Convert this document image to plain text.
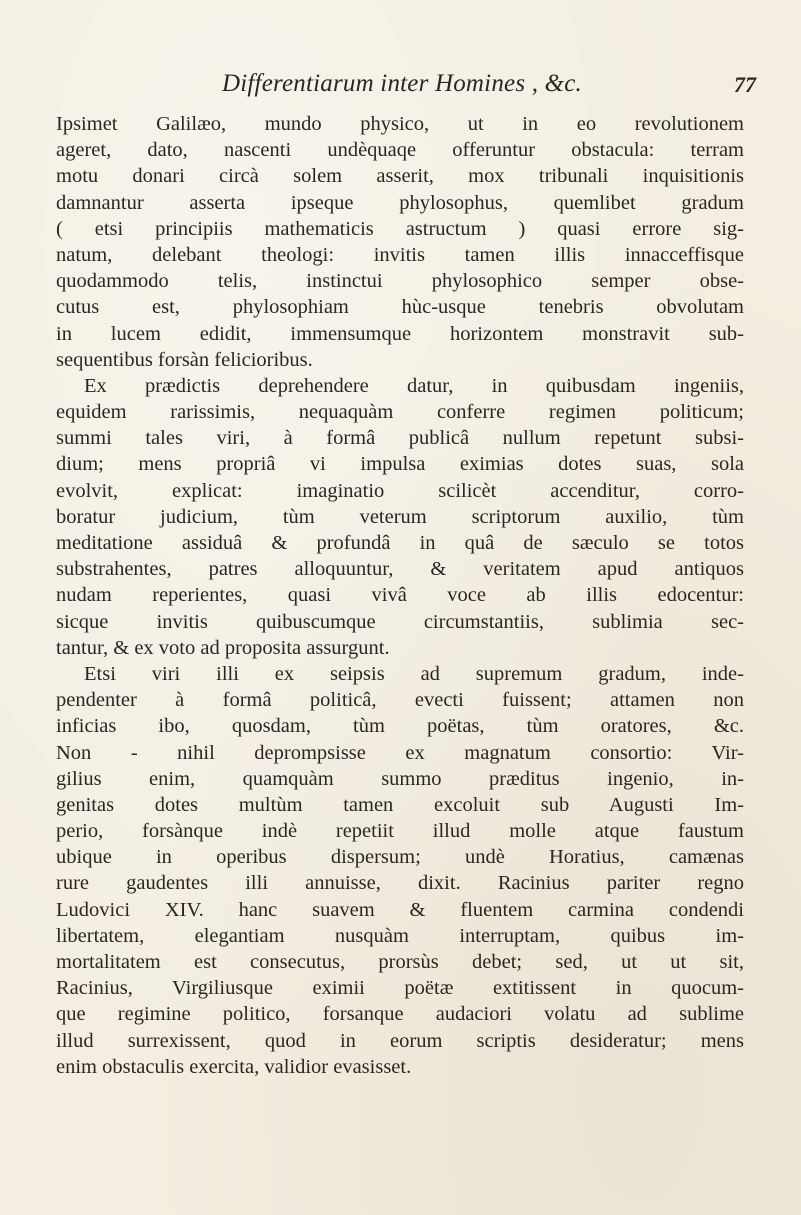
Differentiarum inter Homines , &c.	77
Ipsimet Galilæo, mundo physico, ut in eo revolutionem
ageret, dato, nascenti undèquaqe offeruntur obstacula: terram
motu donari circà solem asserit, mox tribunali inquisitionis
damnantur asserta ipseque phylosophus, quemlibet gradum
( etsi principiis mathematicis astructum ) quasi errore sig-
natum, delebant theologi: invitis tamen illis innacceffisque
quodammodo telis, instinctui phylosophico semper obse-
cutus est, phylosophiam hùc-usque tenebris obvolutam
in lucem edidit, immensumque horizontem monstravit sub-
sequentibus forsàn felicioribus.
Ex prædictis deprehendere datur, in quibusdam ingeniis,
equidem rarissimis, nequaquàm conferre regimen politicum;
summi tales viri, à formâ publicâ nullum repetunt subsi-
dium; mens propriâ vi impulsa eximias dotes suas, sola
evolvit, explicat: imaginatio scilicèt accenditur, corro-
boratur judicium, tùm veterum scriptorum auxilio, tùm
meditatione assiduâ & profundâ in quâ de sæculo se totos
substrahentes, patres alloquuntur, & veritatem apud antiquos
nudam reperientes, quasi vivâ voce ab illis edocentur:
sicque invitis quibuscumque circumstantiis, sublimia sec-
tantur, & ex voto ad proposita assurgunt.
Etsi viri illi ex seipsis ad supremum gradum, inde-
pendenter à formâ politicâ, evecti fuissent; attamen non
inficias ibo, quosdam, tùm poëtas, tùm oratores, &c.
Non - nihil deprompsisse ex magnatum consortio: Vir-
gilius enim, quamquàm summo præditus ingenio, in-
genitas dotes multùm tamen excoluit sub Augusti Im-
perio, forsànque indè repetiit illud molle atque faustum
ubique in operibus dispersum; undè Horatius, camænas
rure gaudentes illi annuisse, dixit. Racinius pariter regno
Ludovici XIV. hanc suavem & fluentem carmina condendi
libertatem, elegantiam nusquàm interruptam, quibus im-
mortalitatem est consecutus, prorsùs debet; sed, ut ut sit,
Racinius, Virgiliusque eximii poëtæ extitissent in quocum-
que regimine politico, forsanque audaciori volatu ad sublime
illud surrexissent, quod in eorum scriptis desideratur; mens
enim obstaculis exercita, validior evasisset.
